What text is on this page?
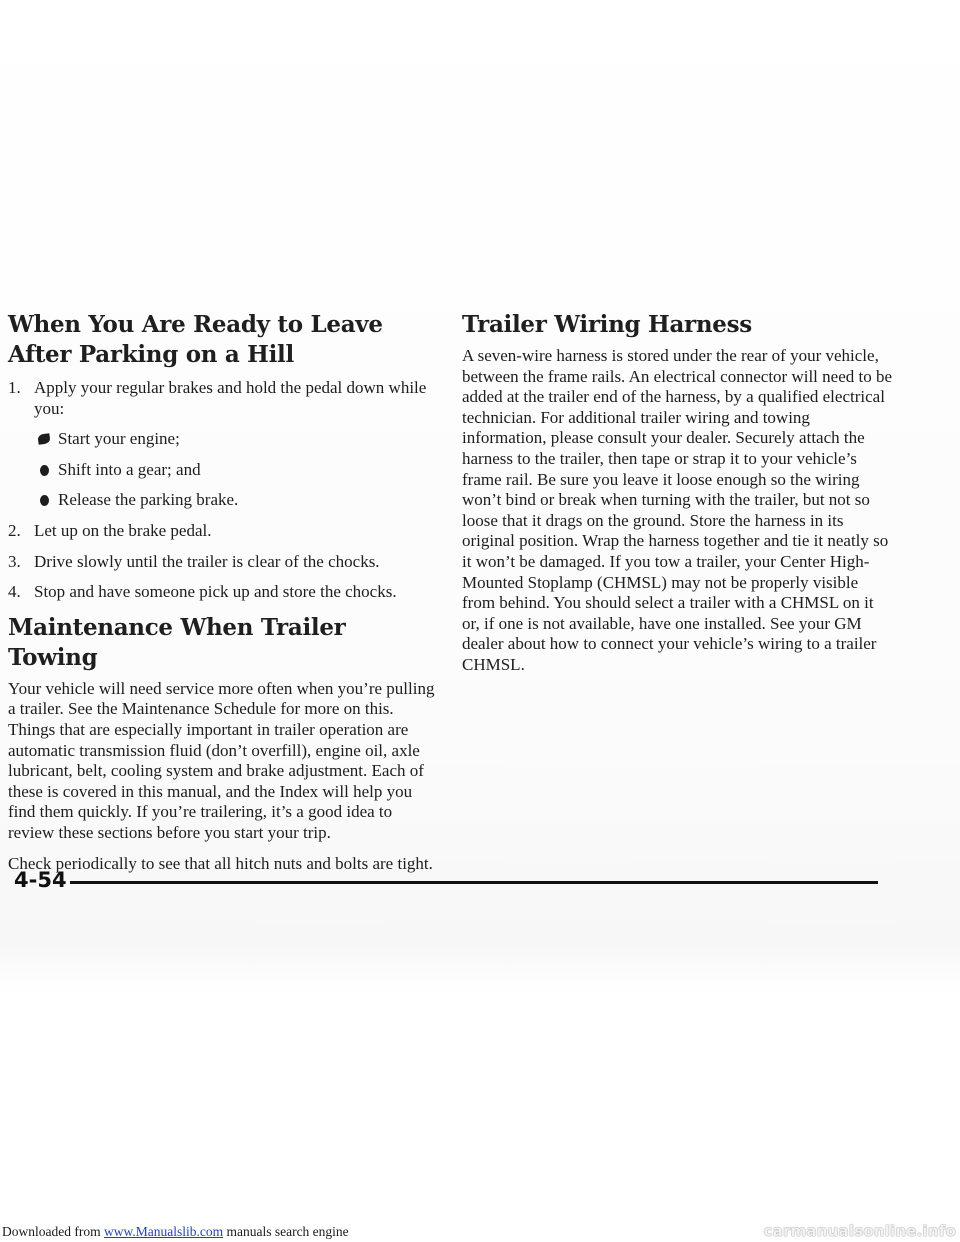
When You Are Ready to Leave After Parking on a Hill
1. Apply your regular brakes and hold the pedal down while you:
Start your engine;
Shift into a gear; and
Release the parking brake.
2. Let up on the brake pedal.
3. Drive slowly until the trailer is clear of the chocks.
4. Stop and have someone pick up and store the chocks.
Maintenance When Trailer Towing

Your vehicle will need service more often when you’re pulling a trailer. See the Maintenance Schedule for more on this. Things that are especially important in trailer operation are automatic transmission fluid (don’t overfill), engine oil, axle lubricant, belt, cooling system and brake adjustment. Each of these is covered in this manual, and the Index will help you find them quickly. If you’re trailering, it’s a good idea to review these sections before you start your trip.

Check periodically to see that all hitch nuts and bolts are tight.

Trailer Wiring Harness

A seven-wire harness is stored under the rear of your vehicle, between the frame rails. An electrical connector will need to be added at the trailer end of the harness, by a qualified electrical technician. For additional trailer wiring and towing information, please consult your dealer. Securely attach the harness to the trailer, then tape or strap it to your vehicle’s frame rail. Be sure you leave it loose enough so the wiring won’t bind or break when turning with the trailer, but not so loose that it drags on the ground. Store the harness in its original position. Wrap the harness together and tie it neatly so it won’t be damaged. If you tow a trailer, your Center High-Mounted Stoplamp (CHMSL) may not be properly visible from behind. You should select a trailer with a CHMSL on it or, if one is not available, have one installed. See your GM dealer about how to connect your vehicle’s wiring to a trailer CHMSL.

4-54
Downloaded from www.Manualslib.com manuals search engine	carmanualsonline.info
